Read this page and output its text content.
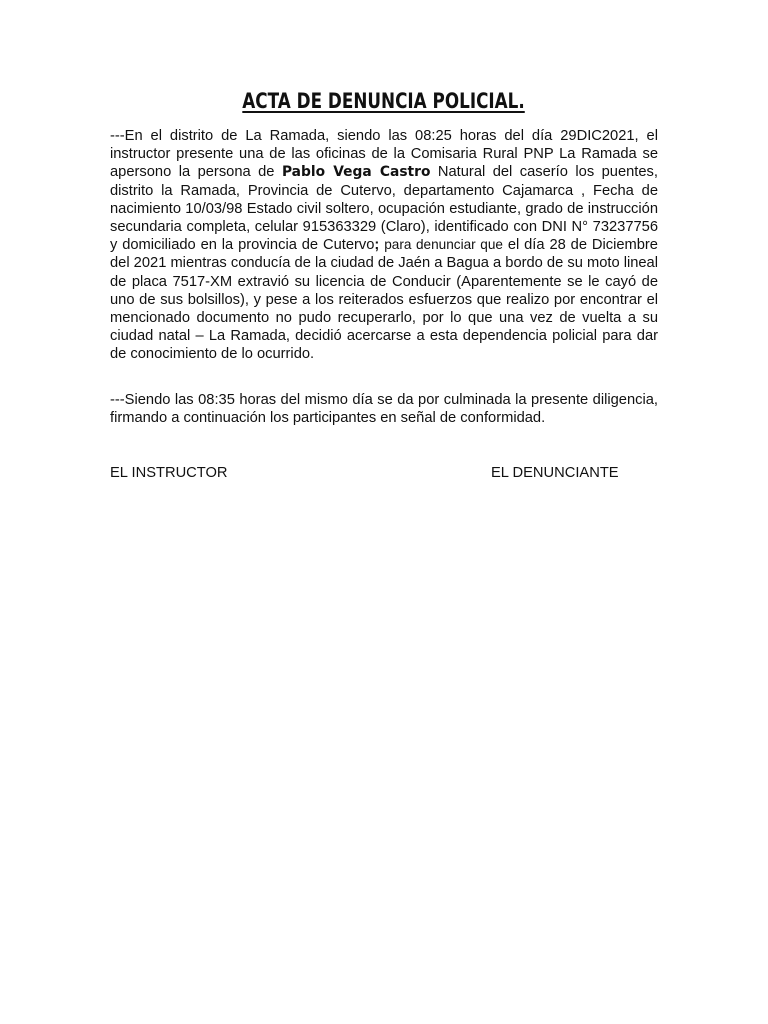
ACTA DE DENUNCIA POLICIAL.

---En el distrito de La Ramada, siendo las 08:25 horas del día 29DIC2021, el instructor presente una de las oficinas de la Comisaria Rural PNP La Ramada se apersono la persona de Pablo Vega Castro Natural del caserío los puentes, distrito la Ramada, Provincia de Cutervo, departamento Cajamarca , Fecha de nacimiento 10/03/98 Estado civil soltero, ocupación estudiante, grado de instrucción secundaria completa, celular 915363329 (Claro), identificado con DNI N° 73237756 y domiciliado en la provincia de Cutervo; para denunciar que el día 28 de Diciembre del 2021 mientras conducía de la ciudad de Jaén a Bagua a bordo de su moto lineal de placa 7517-XM extravió su licencia de Conducir (Aparentemente se le cayó de uno de sus bolsillos), y pese a los reiterados esfuerzos que realizo por encontrar el mencionado documento no pudo recuperarlo, por lo que una vez de vuelta a su ciudad natal – La Ramada, decidió acercarse a esta dependencia policial para dar de conocimiento de lo ocurrido.

---Siendo las 08:35 horas del mismo día se da por culminada la presente diligencia, firmando a continuación los participantes en señal de conformidad.

EL INSTRUCTOR	EL DENUNCIANTE
